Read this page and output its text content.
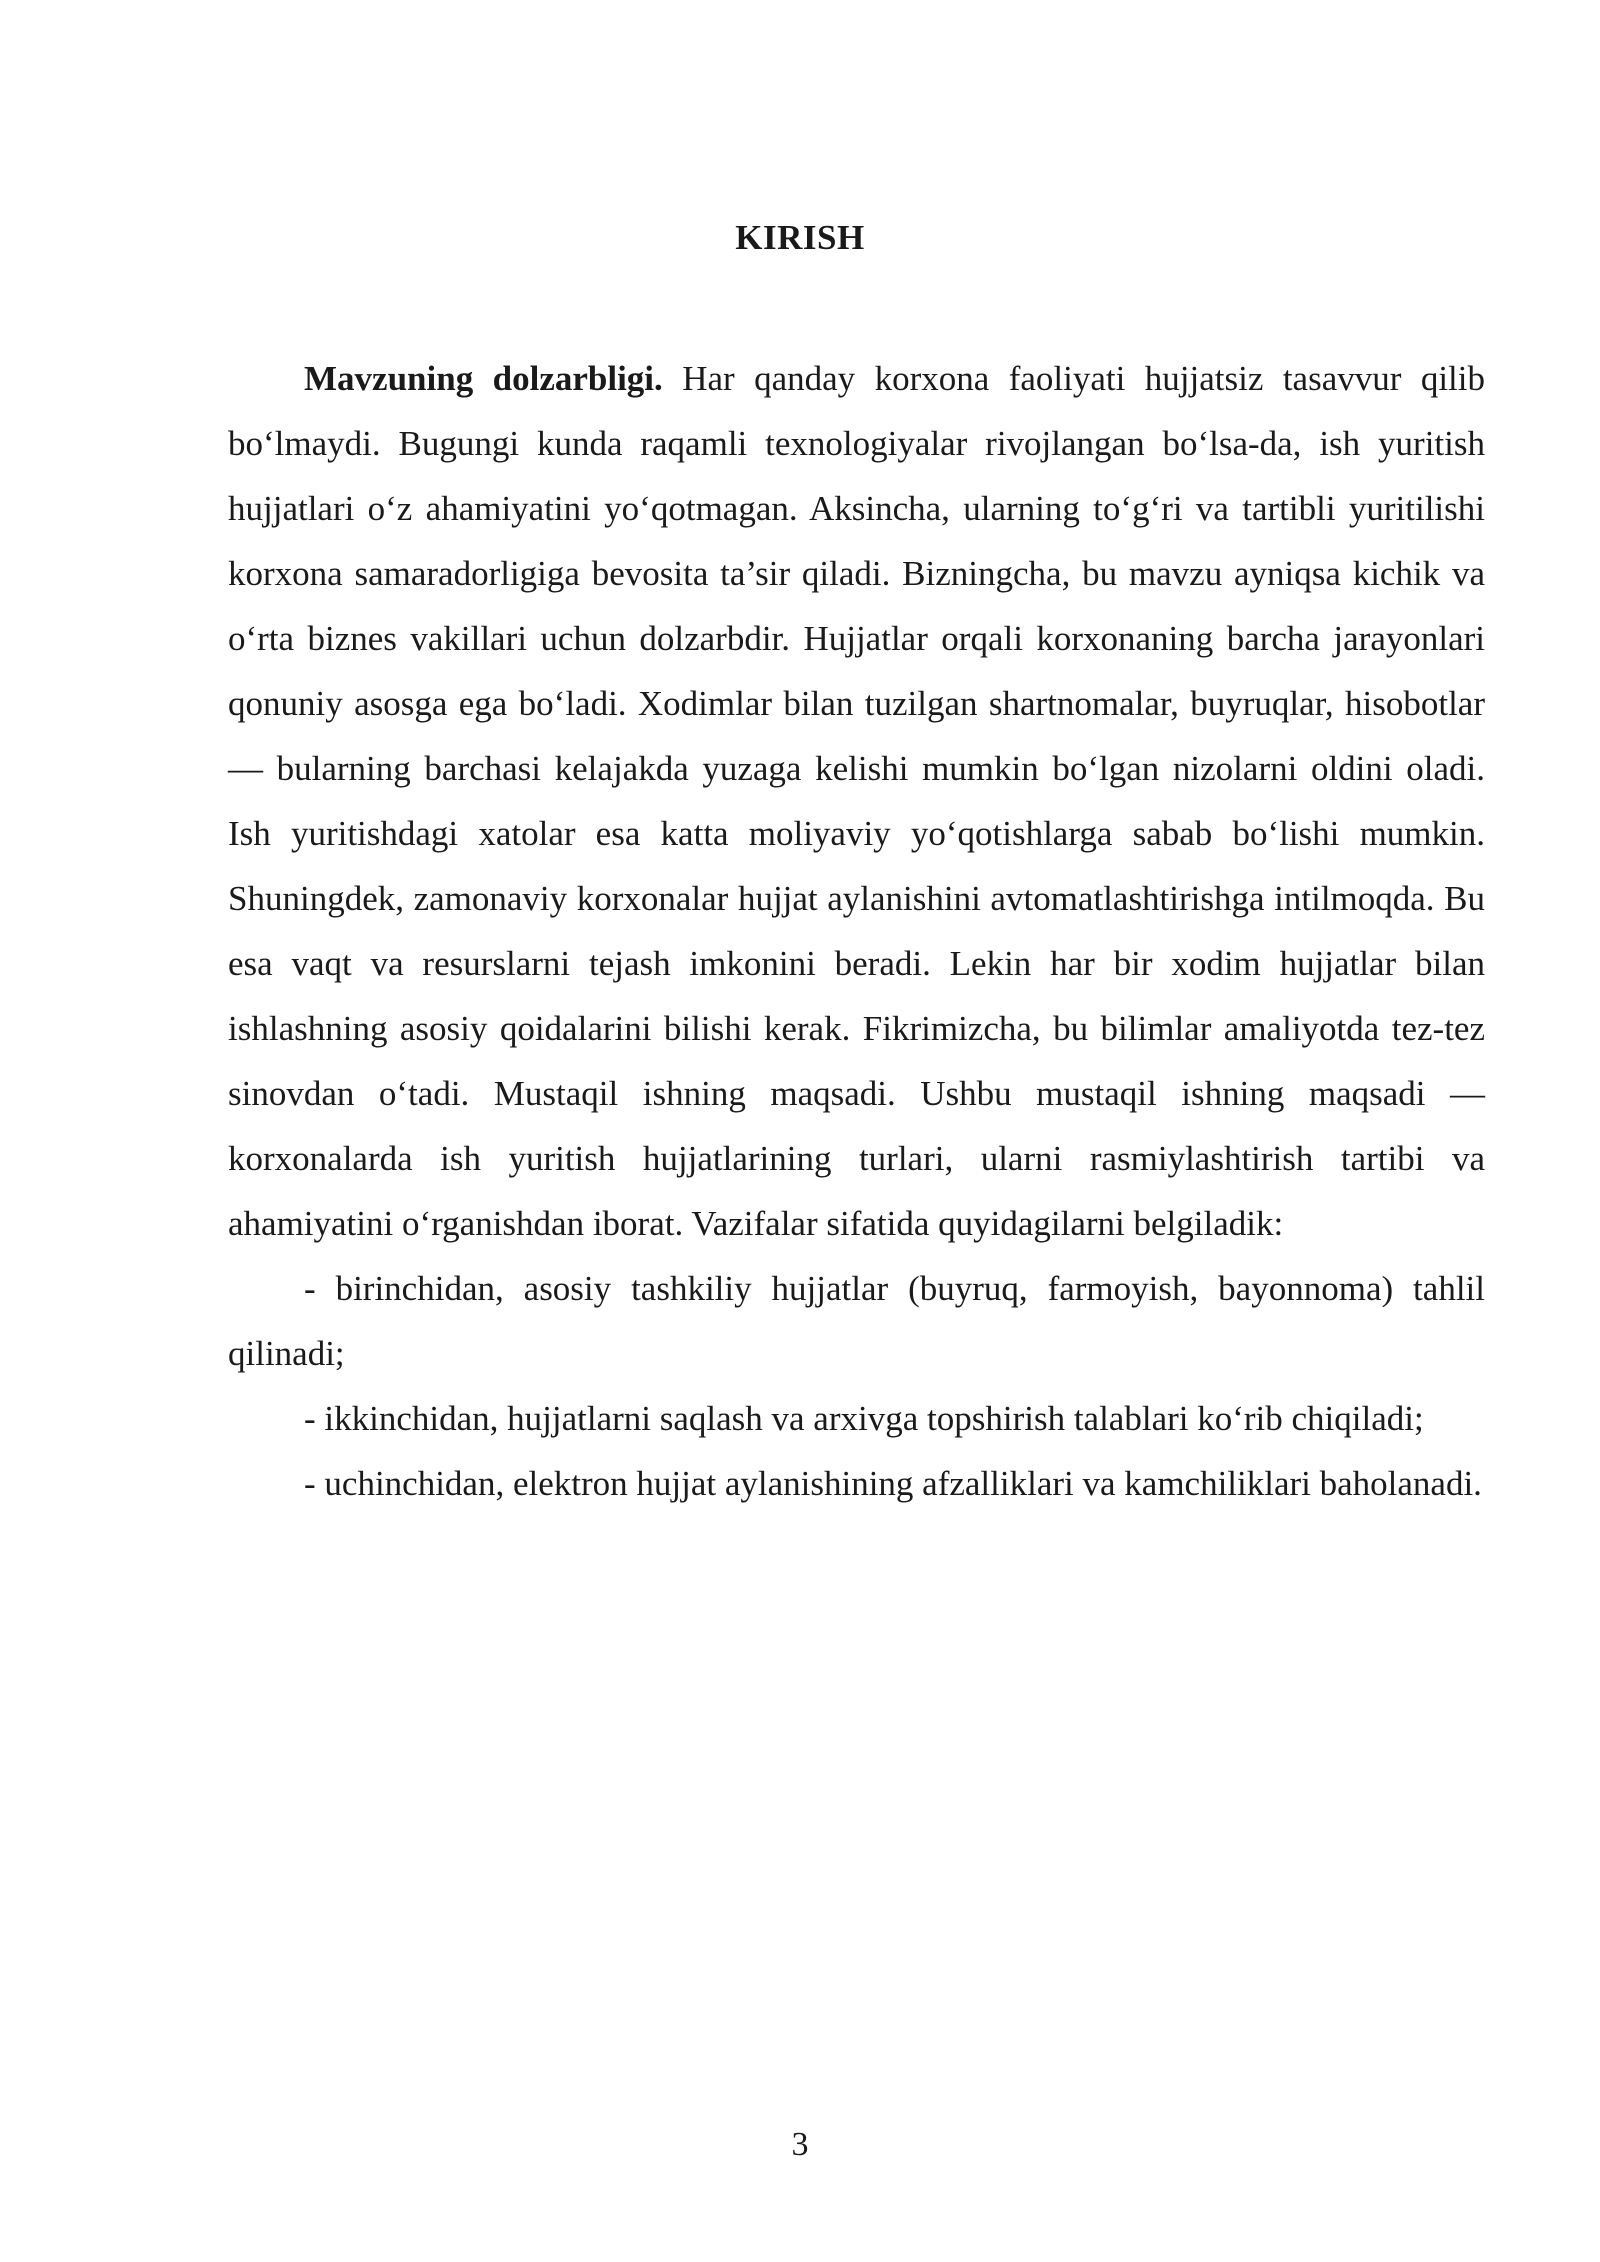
KIRISH

Mavzuning dolzarbligi. Har qanday korxona faoliyati hujjatsiz tasavvur qilib bo‘lmaydi. Bugungi kunda raqamli texnologiyalar rivojlangan bo‘lsa-da, ish yuritish hujjatlari o‘z ahamiyatini yo‘qotmagan. Aksincha, ularning to‘g‘ri va tartibli yuritilishi korxona samaradorligiga bevosita ta’sir qiladi. Bizningcha, bu mavzu ayniqsa kichik va o‘rta biznes vakillari uchun dolzarbdir. Hujjatlar orqali korxonaning barcha jarayonlari qonuniy asosga ega bo‘ladi. Xodimlar bilan tuzilgan shartnomalar, buyruqlar, hisobotlar — bularning barchasi kelajakda yuzaga kelishi mumkin bo‘lgan nizolarni oldini oladi. Ish yuritishdagi xatolar esa katta moliyaviy yo‘qotishlarga sabab bo‘lishi mumkin. Shuningdek, zamonaviy korxonalar hujjat aylanishini avtomatlashtirishga intilmoqda. Bu esa vaqt va resurslarni tejash imkonini beradi. Lekin har bir xodim hujjatlar bilan ishlashning asosiy qoidalarini bilishi kerak. Fikrimizcha, bu bilimlar amaliyotda tez-tez sinovdan o‘tadi. Mustaqil ishning maqsadi. Ushbu mustaqil ishning maqsadi — korxonalarda ish yuritish hujjatlarining turlari, ularni rasmiylashtirish tartibi va ahamiyatini o‘rganishdan iborat. Vazifalar sifatida quyidagilarni belgiladik:

- birinchidan, asosiy tashkiliy hujjatlar (buyruq, farmoyish, bayonnoma) tahlil qilinadi;

- ikkinchidan, hujjatlarni saqlash va arxivga topshirish talablari ko‘rib chiqiladi;

- uchinchidan, elektron hujjat aylanishining afzalliklari va kamchiliklari baholanadi.

3
